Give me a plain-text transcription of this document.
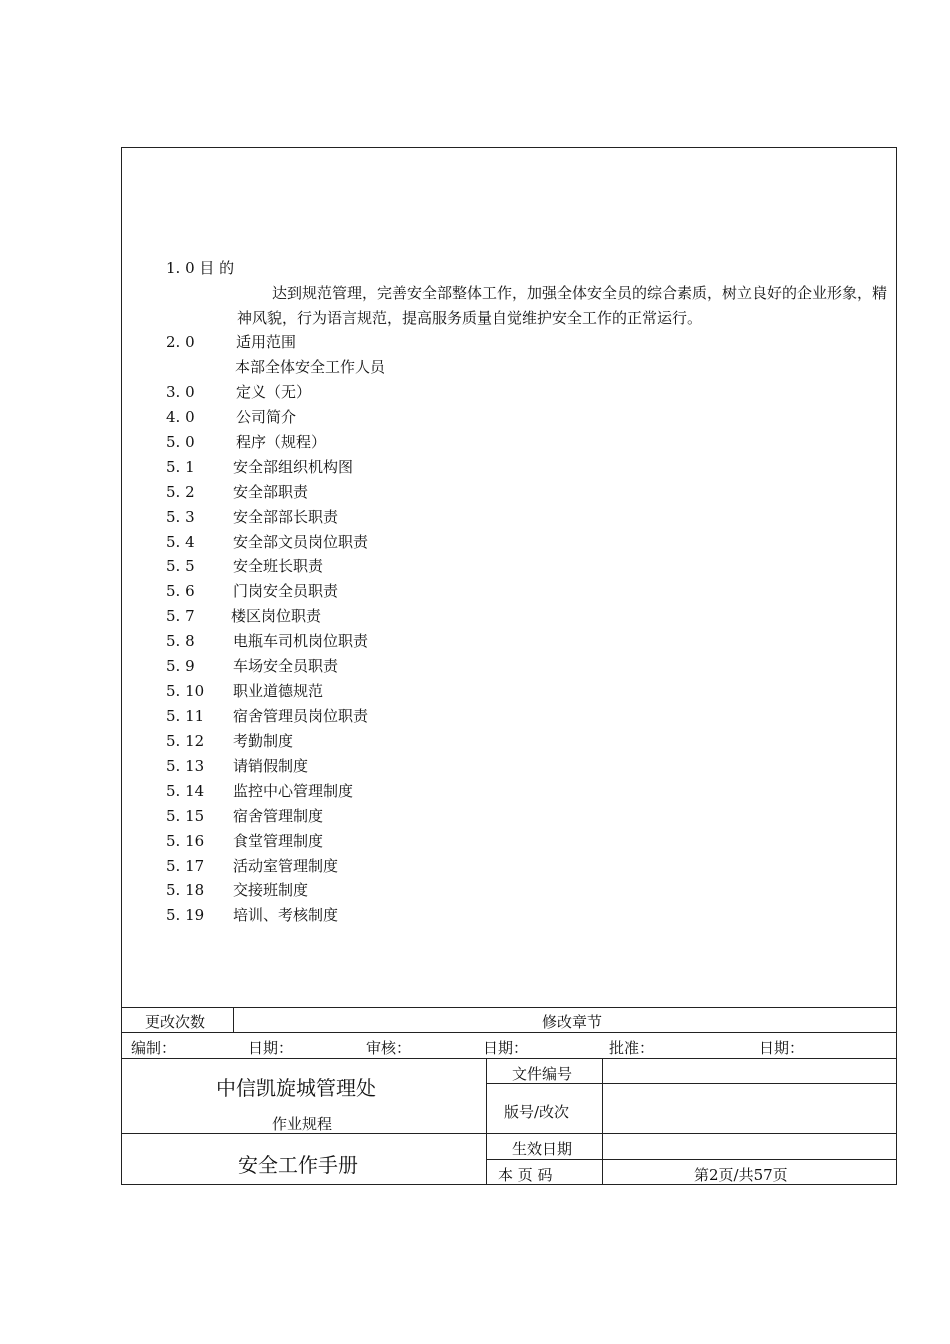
1. 0 目 的
达到规范管理，完善安全部整体工作，加强全体安全员的综合素质，树立良好的企业形象，精神风貌，行为语言规范，提高服务质量自觉维护安全工作的正常运行。
2. 0	适用范围
本部全体安全工作人员
3. 0	定义（无）
4. 0	公司简介
5. 0	程序（规程）
5. 1	安全部组织机构图
5. 2	安全部职责
5. 3	安全部部长职责
5. 4	安全部文员岗位职责
5. 5	安全班长职责
5. 6	门岗安全员职责
5. 7 楼区岗位职责
5. 8	电瓶车司机岗位职责
5. 9	车场安全员职责
5. 10 职业道德规范
5. 11 宿舍管理员岗位职责
5. 12 考勤制度
5. 13 请销假制度
5. 14 监控中心管理制度
5. 15 宿舍管理制度
5. 16 食堂管理制度
5. 17 活动室管理制度
5. 18 交接班制度
5. 19 培训、考核制度
更改次数	修改章节
编制：	日期：	审核：	日期：	批准：	日期：
中信凯旋城管理处
作业规程
文件编号
版号/改次
安全工作手册
生效日期
本 页 码	第2页/共57页
